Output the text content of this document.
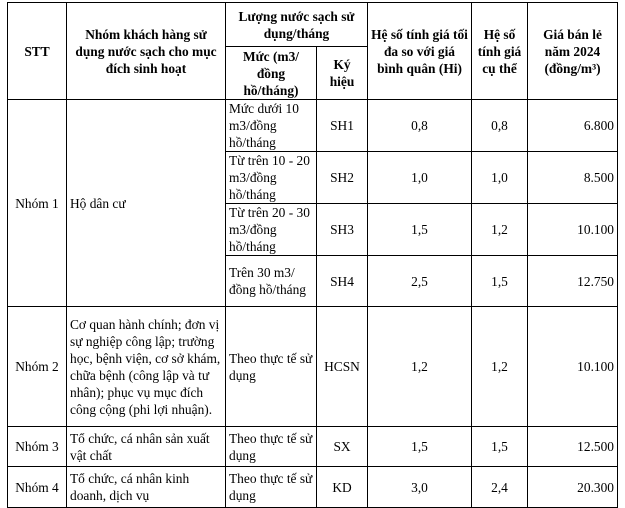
STT	Nhóm khách hàng sử dụng nước sạch cho mục đích sinh hoạt	Lượng nước sạch sử dụng/tháng		Hệ số tính giá tối đa so với giá bình quân (Hi)	Hệ số tính giá cụ thể	Giá bán lẻ năm 2024 (đồng/m³)
		Mức (m3/đồng hồ/tháng)	Ký hiệu			
Nhóm 1	Hộ dân cư	Mức dưới 10 m3/đồng hồ/tháng	SH1	0,8	0,8	6.800
		Từ trên 10 - 20 m3/đồng hồ/tháng	SH2	1,0	1,0	8.500
		Từ trên 20 - 30 m3/đồng hồ/tháng	SH3	1,5	1,2	10.100
		Trên 30 m3/đồng hồ/tháng	SH4	2,5	1,5	12.750
Nhóm 2	Cơ quan hành chính; đơn vị sự nghiệp công lập; trường học, bệnh viện, cơ sở khám, chữa bệnh (công lập và tư nhân); phục vụ mục đích công cộng (phi lợi nhuận).	Theo thực tế sử dụng	HCSN	1,2	1,2	10.100
Nhóm 3	Tổ chức, cá nhân sản xuất vật chất	Theo thực tế sử dụng	SX	1,5	1,5	12.500
Nhóm 4	Tổ chức, cá nhân kinh doanh, dịch vụ	Theo thực tế sử dụng	KD	3,0	2,4	20.300
